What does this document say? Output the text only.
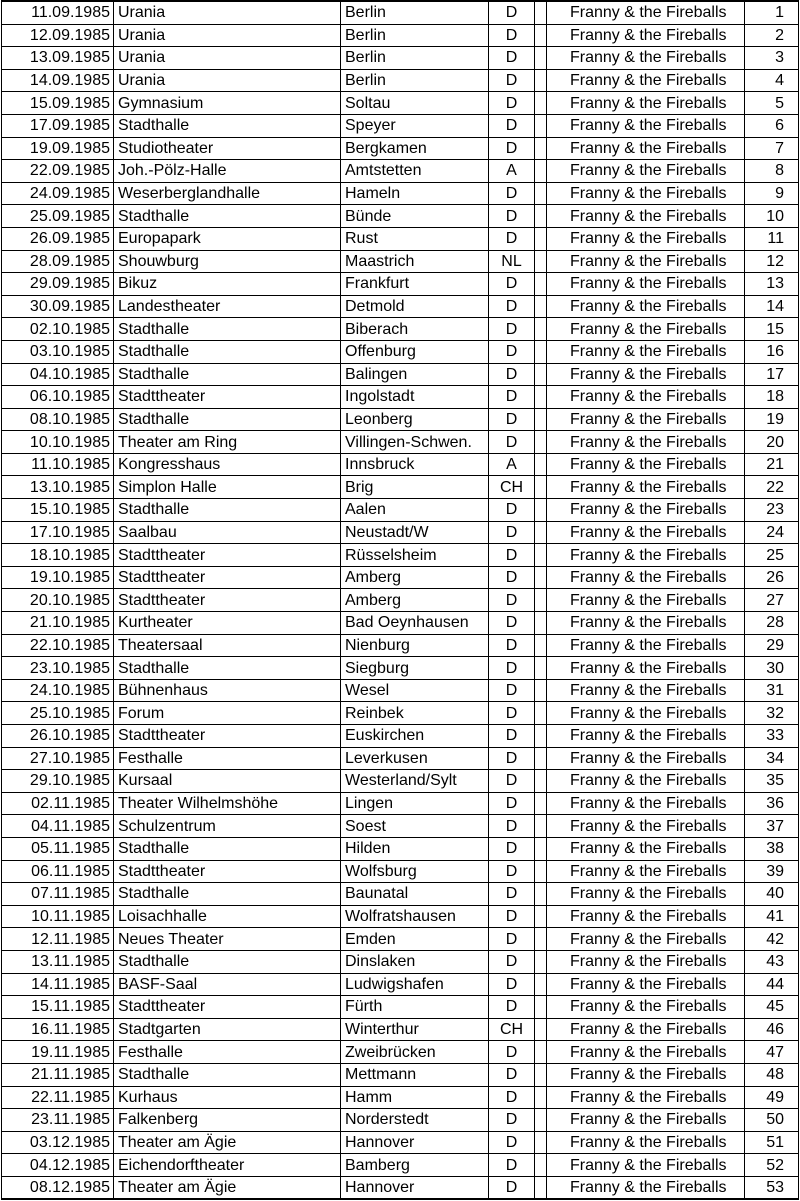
11.09.1985	Urania	Berlin	D		Franny & the Fireballs	1
12.09.1985	Urania	Berlin	D		Franny & the Fireballs	2
13.09.1985	Urania	Berlin	D		Franny & the Fireballs	3
14.09.1985	Urania	Berlin	D		Franny & the Fireballs	4
15.09.1985	Gymnasium	Soltau	D		Franny & the Fireballs	5
17.09.1985	Stadthalle	Speyer	D		Franny & the Fireballs	6
19.09.1985	Studiotheater	Bergkamen	D		Franny & the Fireballs	7
22.09.1985	Joh.-Pölz-Halle	Amtstetten	A		Franny & the Fireballs	8
24.09.1985	Weserberglandhalle	Hameln	D		Franny & the Fireballs	9
25.09.1985	Stadthalle	Bünde	D		Franny & the Fireballs	10
26.09.1985	Europapark	Rust	D		Franny & the Fireballs	11
28.09.1985	Shouwburg	Maastrich	NL		Franny & the Fireballs	12
29.09.1985	Bikuz	Frankfurt	D		Franny & the Fireballs	13
30.09.1985	Landestheater	Detmold	D		Franny & the Fireballs	14
02.10.1985	Stadthalle	Biberach	D		Franny & the Fireballs	15
03.10.1985	Stadthalle	Offenburg	D		Franny & the Fireballs	16
04.10.1985	Stadthalle	Balingen	D		Franny & the Fireballs	17
06.10.1985	Stadttheater	Ingolstadt	D		Franny & the Fireballs	18
08.10.1985	Stadthalle	Leonberg	D		Franny & the Fireballs	19
10.10.1985	Theater am Ring	Villingen-Schwen.	D		Franny & the Fireballs	20
11.10.1985	Kongresshaus	Innsbruck	A		Franny & the Fireballs	21
13.10.1985	Simplon Halle	Brig	CH		Franny & the Fireballs	22
15.10.1985	Stadthalle	Aalen	D		Franny & the Fireballs	23
17.10.1985	Saalbau	Neustadt/W	D		Franny & the Fireballs	24
18.10.1985	Stadttheater	Rüsselsheim	D		Franny & the Fireballs	25
19.10.1985	Stadttheater	Amberg	D		Franny & the Fireballs	26
20.10.1985	Stadttheater	Amberg	D		Franny & the Fireballs	27
21.10.1985	Kurtheater	Bad Oeynhausen	D		Franny & the Fireballs	28
22.10.1985	Theatersaal	Nienburg	D		Franny & the Fireballs	29
23.10.1985	Stadthalle	Siegburg	D		Franny & the Fireballs	30
24.10.1985	Bühnenhaus	Wesel	D		Franny & the Fireballs	31
25.10.1985	Forum	Reinbek	D		Franny & the Fireballs	32
26.10.1985	Stadttheater	Euskirchen	D		Franny & the Fireballs	33
27.10.1985	Festhalle	Leverkusen	D		Franny & the Fireballs	34
29.10.1985	Kursaal	Westerland/Sylt	D		Franny & the Fireballs	35
02.11.1985	Theater Wilhelmshöhe	Lingen	D		Franny & the Fireballs	36
04.11.1985	Schulzentrum	Soest	D		Franny & the Fireballs	37
05.11.1985	Stadthalle	Hilden	D		Franny & the Fireballs	38
06.11.1985	Stadttheater	Wolfsburg	D		Franny & the Fireballs	39
07.11.1985	Stadthalle	Baunatal	D		Franny & the Fireballs	40
10.11.1985	Loisachhalle	Wolfratshausen	D		Franny & the Fireballs	41
12.11.1985	Neues Theater	Emden	D		Franny & the Fireballs	42
13.11.1985	Stadthalle	Dinslaken	D		Franny & the Fireballs	43
14.11.1985	BASF-Saal	Ludwigshafen	D		Franny & the Fireballs	44
15.11.1985	Stadttheater	Fürth	D		Franny & the Fireballs	45
16.11.1985	Stadtgarten	Winterthur	CH		Franny & the Fireballs	46
19.11.1985	Festhalle	Zweibrücken	D		Franny & the Fireballs	47
21.11.1985	Stadthalle	Mettmann	D		Franny & the Fireballs	48
22.11.1985	Kurhaus	Hamm	D		Franny & the Fireballs	49
23.11.1985	Falkenberg	Norderstedt	D		Franny & the Fireballs	50
03.12.1985	Theater am Ägie	Hannover	D		Franny & the Fireballs	51
04.12.1985	Eichendorftheater	Bamberg	D		Franny & the Fireballs	52
08.12.1985	Theater am Ägie	Hannover	D		Franny & the Fireballs	53
